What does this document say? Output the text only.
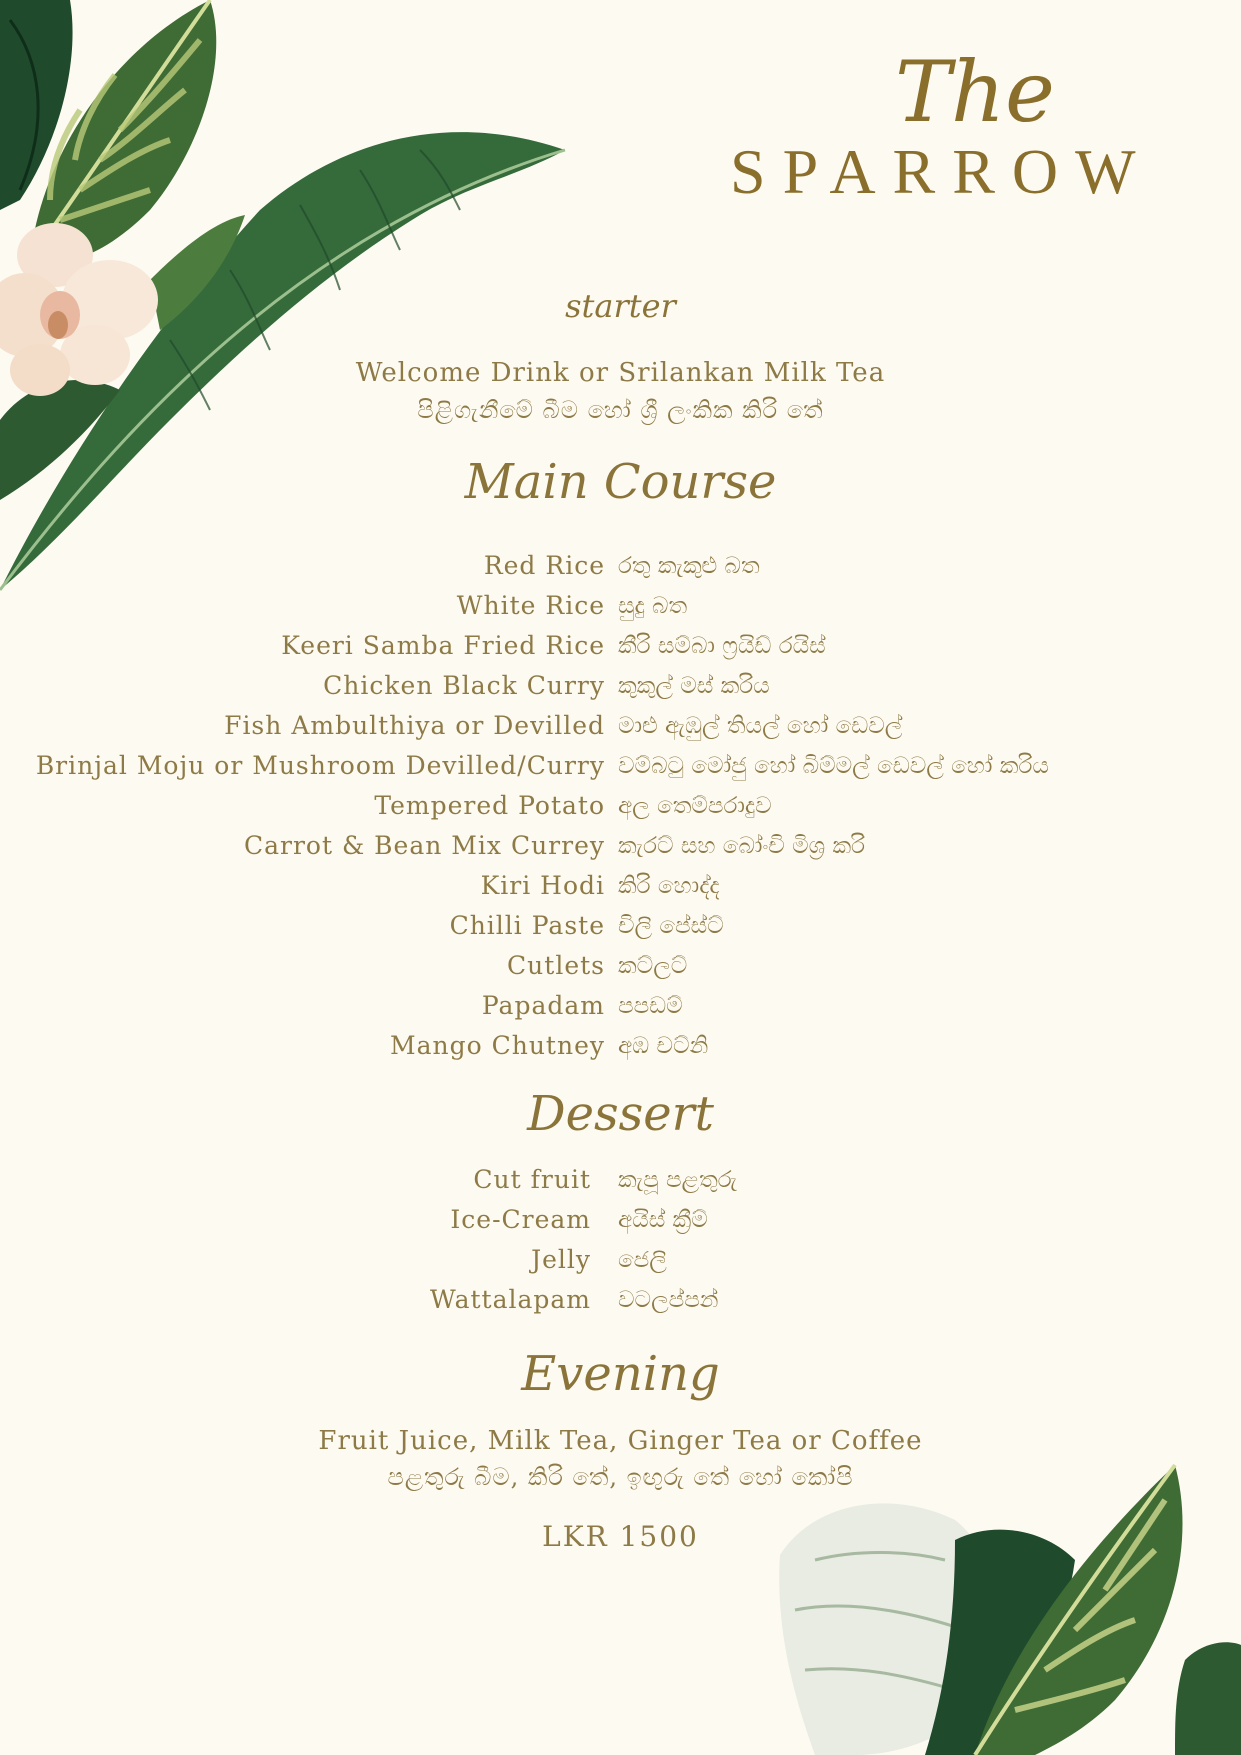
The
SPARROW
starter
Welcome Drink or Srilankan Milk Tea
පිළිගැනීමේ බීම හෝ ශ්‍රී ලංකික කිරි තේ
Main Course
Red Rice රතු කැකුළු බත
White Rice සුදු බත
Keeri Samba Fried Rice කීරි සම්බා ෆ්‍රයිඩ් රයිස්
Chicken Black Curry කුකුල් මස් කරිය
Fish Ambulthiya or Devilled මාළු ඇඹුල් තියල් හෝ ඩෙවල්
Brinjal Moju or Mushroom Devilled/Curry වම්බටු මෝජු හෝ බිම්මල් ඩෙවල් හෝ කරිය
Tempered Potato අල තෙම්පරාදුව
Carrot & Bean Mix Currey කැරට් සහ බෝංචි මිශ්‍ර කරි
Kiri Hodi කිරි හොද්ද
Chilli Paste චිලි පේස්ට්
Cutlets කට්ලට්
Papadam පපඩම්
Mango Chutney අඹ චට්නි
Dessert
Cut fruit කැපූ පළතුරු
Ice-Cream අයිස් ක්‍රීම්
Jelly ජෙලි
Wattalapam වටලප්පන්
Evening
Fruit Juice, Milk Tea, Ginger Tea or Coffee
පළතුරු බීම, කිරි තේ, ඉඟුරු තේ හෝ කෝපි
LKR 1500
